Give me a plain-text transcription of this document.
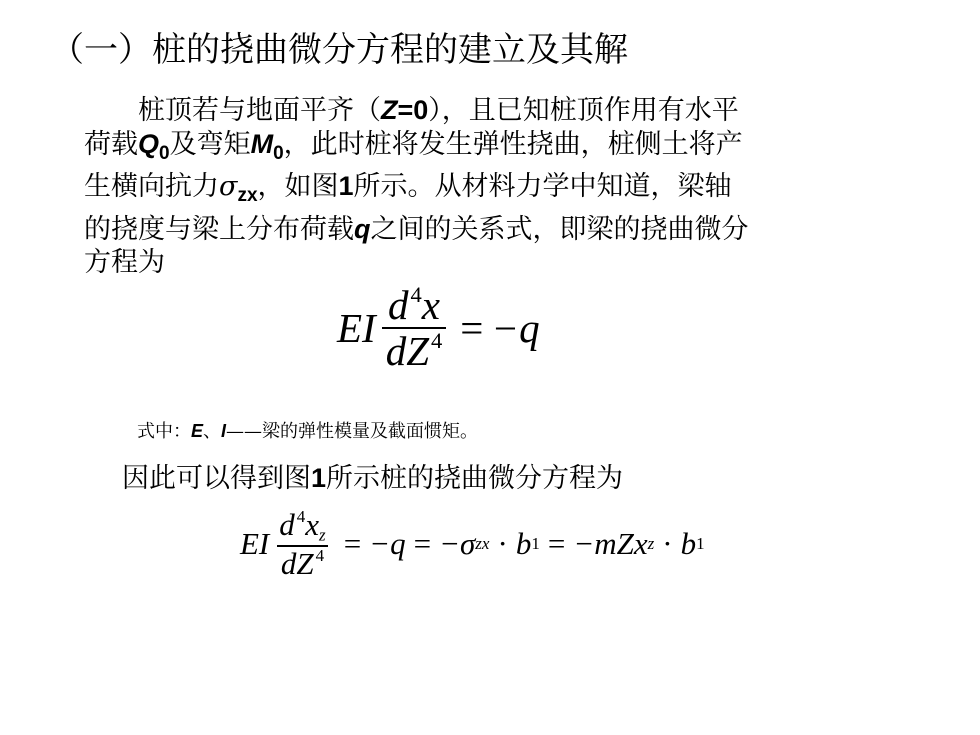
（一）桩的挠曲微分方程的建立及其解
桩顶若与地面平齐（Z=0），且已知桩顶作用有水平
荷载$Q_0$及弯矩$M_0$，此时桩将发生弹性挠曲，桩侧土将产
生横向抗力$\sigma_{zx}$，如图1所示。从材料力学中知道，梁轴
的挠度与梁上分布荷载q之间的关系式，即梁的挠曲微分
方程为
EI $\frac{d^4x}{dZ^4} = -q$
式中：E、I——梁的弹性模量及截面惯矩。
因此可以得到图1所示桩的挠曲微分方程为
EI $\frac{d ^4xz}{dZ ^4} = -q = -\sigma$ zx · b 1 = −mZx z · b 1
